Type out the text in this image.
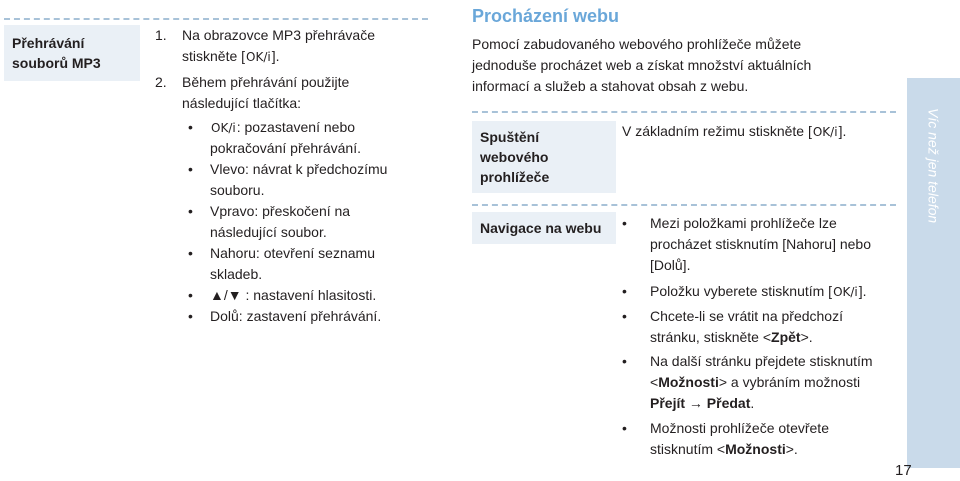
Přehrávání souborů MP3
1. Na obrazovce MP3 přehrávače
stiskněte [OK/i].
2. Během přehrávání použijte
následující tlačítka:
• OK/i: pozastavení nebo
pokračování přehrávání.
• Vlevo: návrat k předchozímu
souboru.
• Vpravo: přeskočení na
následující soubor.
• Nahoru: otevření seznamu
skladeb.
• ▲/▼ : nastavení hlasitosti.
• Dolů: zastavení přehrávání.
Procházení webu
Pomocí zabudovaného webového prohlížeče můžete
jednoduše procházet web a získat množství aktuálních
informací a služeb a stahovat obsah z webu.
Spuštění
webového
prohlížeče
V základním režimu stiskněte [OK/i].
Navigace na webu	• Mezi položkami prohlížeče lze
procházet stisknutím [Nahoru] nebo
[Dolů].
• Položku vyberete stisknutím [OK/i].
• Chcete-li se vrátit na předchozí
stránku, stiskněte <Zpět>.
• Na další stránku přejdete stisknutím
<Možnosti> a vybráním možnosti
Přejít → Předat.
• Možnosti prohlížeče otevřete
stisknutím <Možnosti>.
Víc než jen telefon
17
